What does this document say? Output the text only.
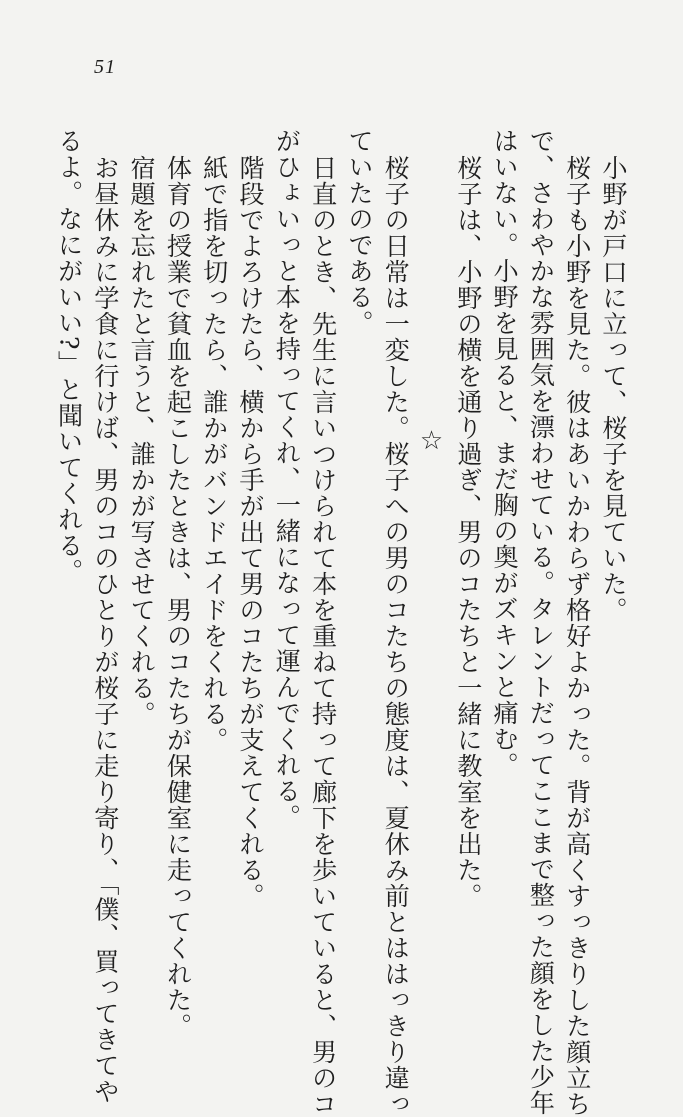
51
小野が戸口に立って、桜子を見ていた。
桜子も小野を見た。彼はあいかわらず格好よかった。背が高くすっきりした顔立ち
で、さわやかな雰囲気を漂わせている。タレントだってここまで整った顔をした少年
はいない。小野を見ると、まだ胸の奥がズキンと痛む。
桜子は、小野の横を通り過ぎ、男のコたちと一緒に教室を出た。
☆
桜子の日常は一変した。桜子への男のコたちの態度は、夏休み前とははっきり違っ
ていたのである。
日直のとき、先生に言いつけられて本を重ねて持って廊下を歩いていると、男のコ
がひょいっと本を持ってくれ、一緒になって運んでくれる。
階段でよろけたら、横から手が出て男のコたちが支えてくれる。
紙で指を切ったら、誰かがバンドエイドをくれる。
体育の授業で貧血を起こしたときは、男のコたちが保健室に走ってくれた。
宿題を忘れたと言うと、誰かが写させてくれる。
お昼休みに学食に行けば、男のコのひとりが桜子に走り寄り、「僕、買ってきてや
るよ。なにがいい?」と聞いてくれる。
